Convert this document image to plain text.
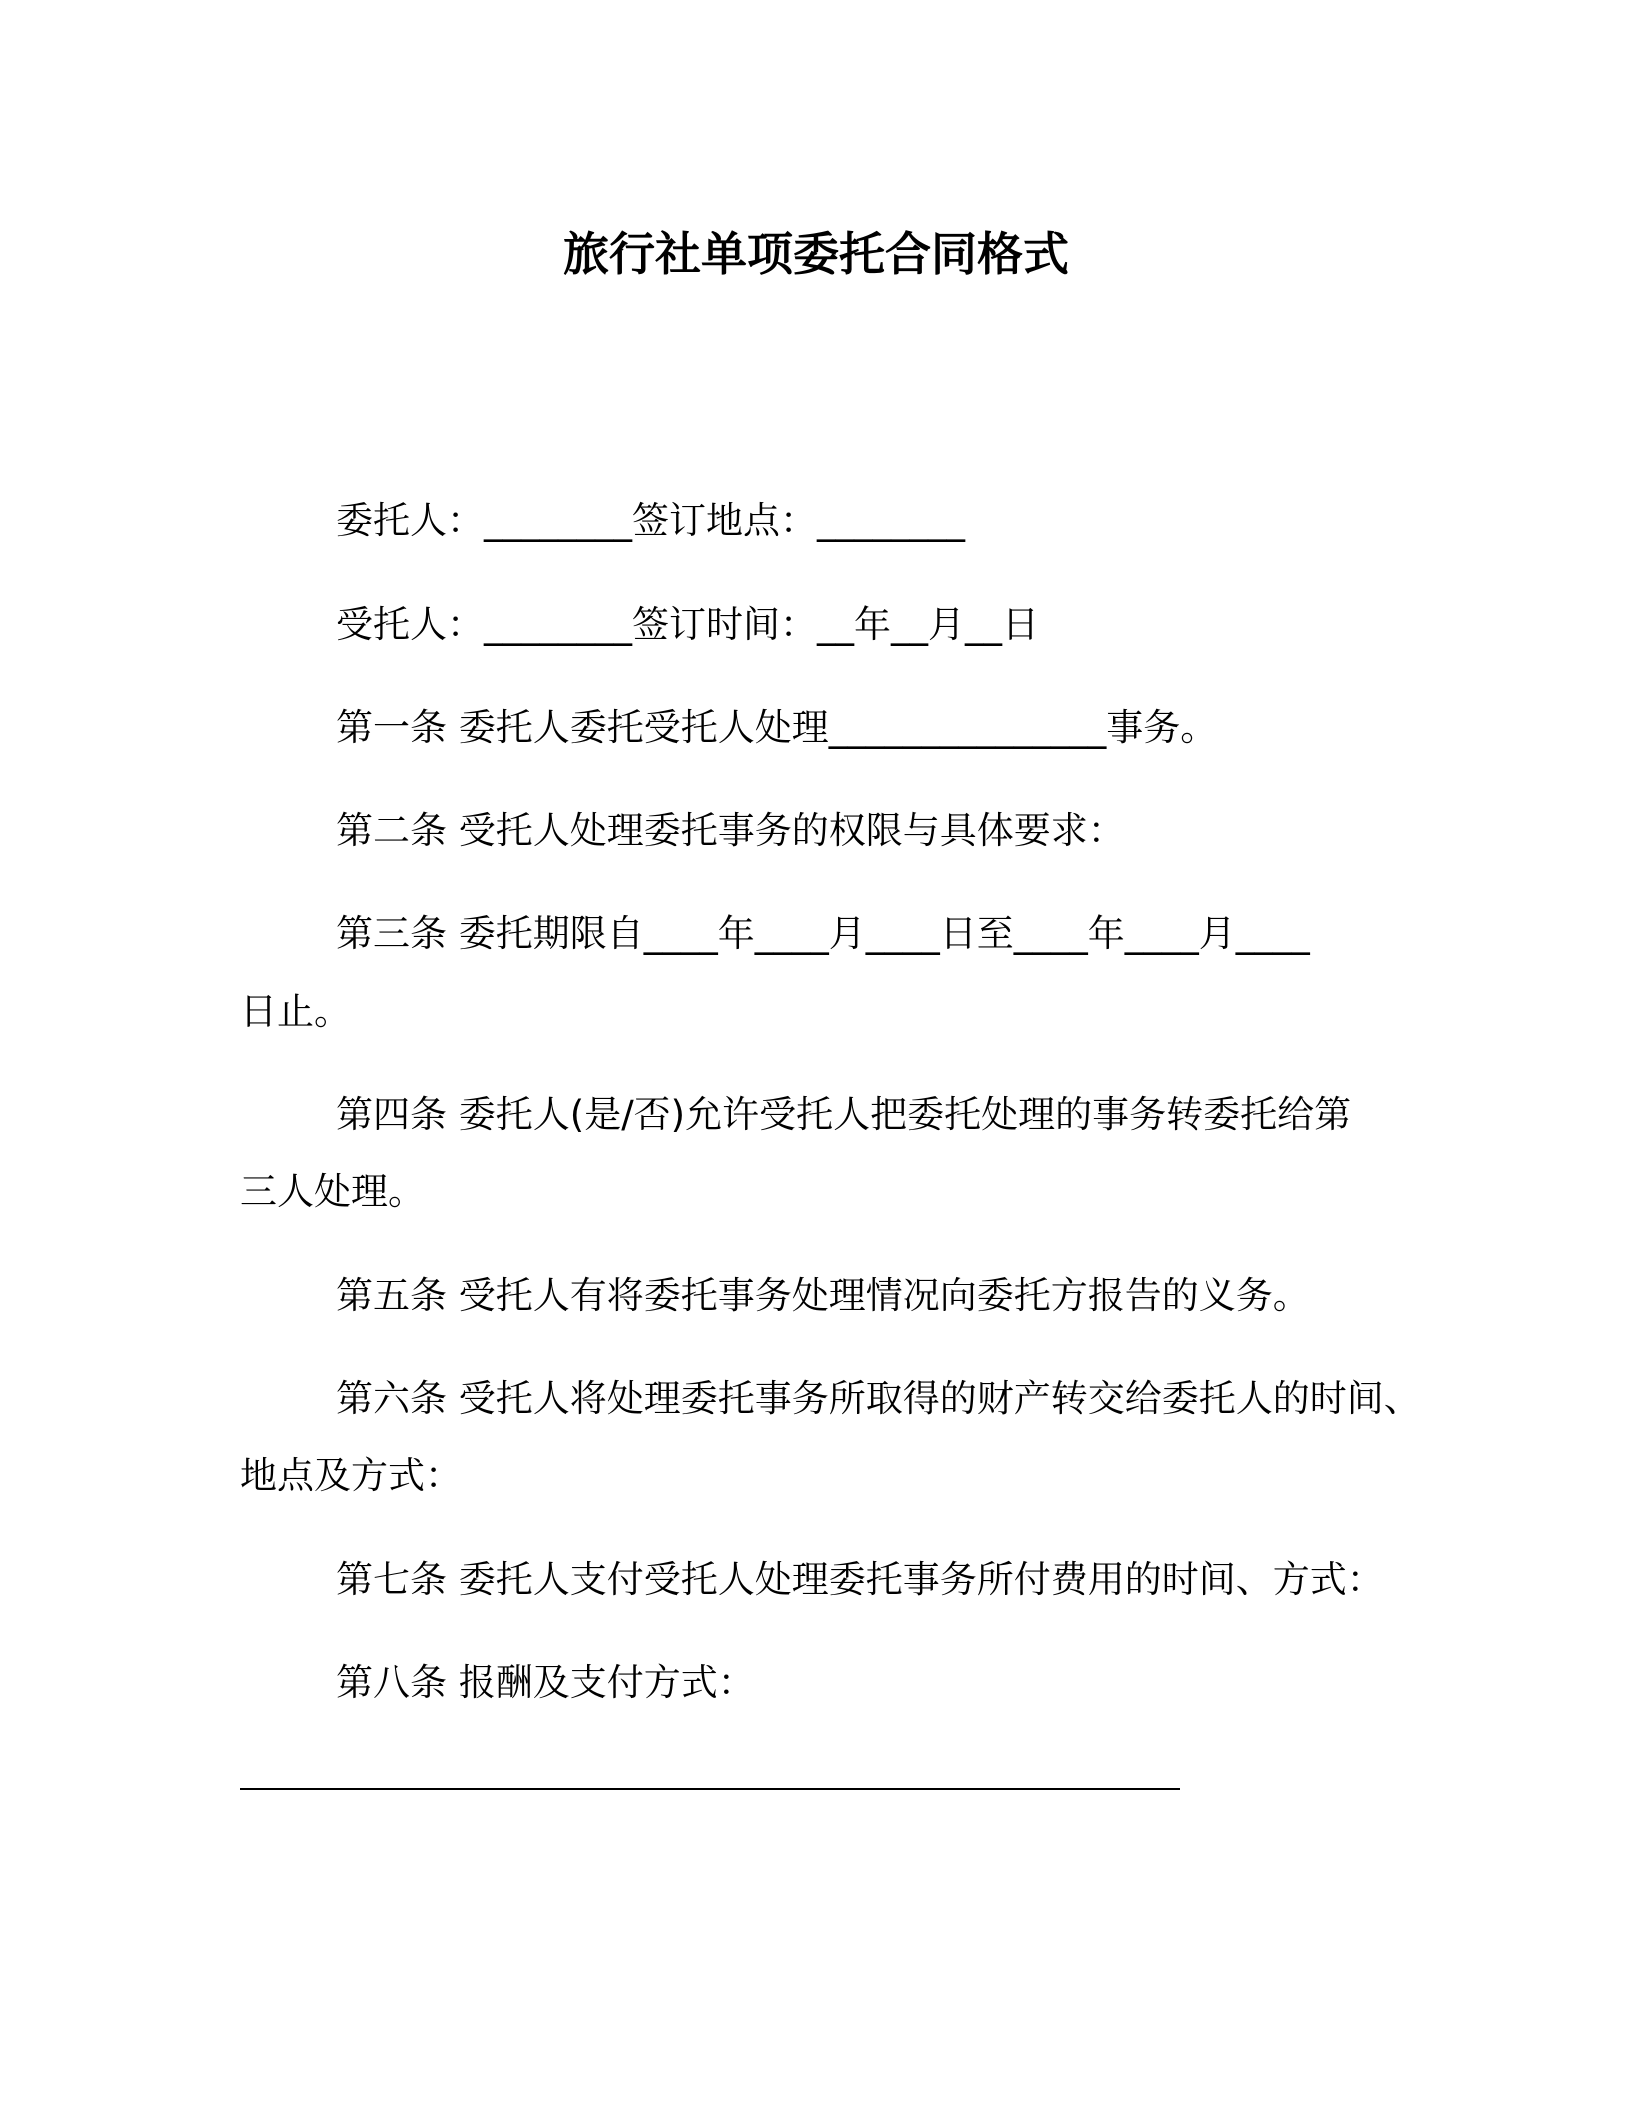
旅行社单项委托合同格式
委托人：________签订地点：________
受托人：________签订时间：__年__月__日
第一条 委托人委托受托人处理_______________事务。
第二条 受托人处理委托事务的权限与具体要求：
第三条 委托期限自____年____月____日至____年____月____
日止。
第四条 委托人(是/否)允许受托人把委托处理的事务转委托给第
三人处理。
第五条 受托人有将委托事务处理情况向委托方报告的义务。
第六条 受托人将处理委托事务所取得的财产转交给委托人的时间、
地点及方式：
第七条 委托人支付受托人处理委托事务所付费用的时间、方式：
第八条 报酬及支付方式：
